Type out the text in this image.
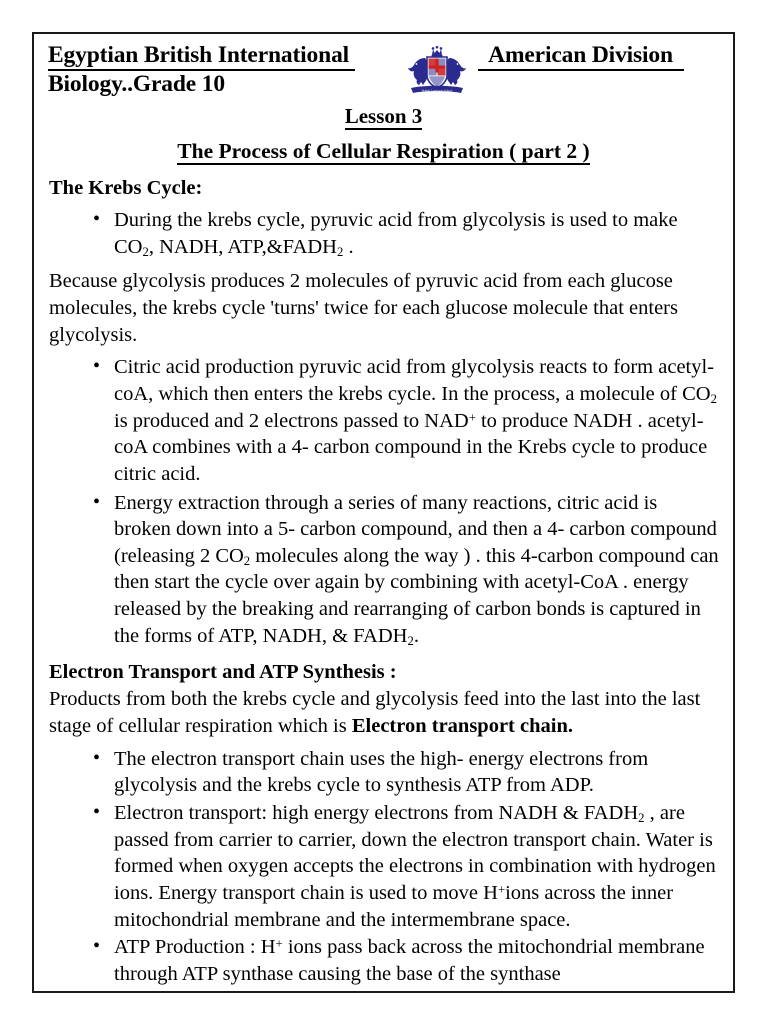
Egyptian British International
Biology..Grade 10	British Language School
American Division
Lesson 3
The Process of Cellular Respiration ( part 2 )
The Krebs Cycle:
• During the krebs cycle, pyruvic acid from glycolysis is used to make $CO_2$, NADH, $ATP,\&FADH_2$ .
Because glycolysis produces 2 molecules of pyruvic acid from each glucose molecules, the krebs cycle 'turns' twice for each glucose molecule that enters glycolysis.
• Citric acid production pyruvic acid from glycolysis reacts to form acetyl-coA, which then enters the krebs cycle. In the process, a molecule of $CO_2$ is produced and 2 electrons passed to NAD+ to produce NADH . acetyl-coA combines with a 4- carbon compound in the Krebs cycle to produce citric acid.
• Energy extraction through a series of many reactions, citric acid is broken down into a 5- carbon compound, and then a 4- carbon compound (releasing 2 $CO_2$ molecules along the way ) . this 4-carbon compound can then start the cycle over again by combining with acetyl-CoA . energy released by the breaking and rearranging of carbon bonds is captured in the forms of ATP, NADH, & $FADH_2$.
Electron Transport and ATP Synthesis :
Products from both the krebs cycle and glycolysis feed into the last into the last stage of cellular respiration which is Electron transport chain.
• The electron transport chain uses the high- energy electrons from glycolysis and the krebs cycle to synthesis ATP from ADP.
• Electron transport: high energy electrons from NADH & $FADH_2$ , are passed from carrier to carrier, down the electron transport chain. Water is formed when oxygen accepts the electrons in combination with hydrogen ions. Energy transport chain is used to move H+ions across the inner mitochondrial membrane and the intermembrane space.
• ATP Production : H+ ions pass back across the mitochondrial membrane through ATP synthase causing the base of the synthase
